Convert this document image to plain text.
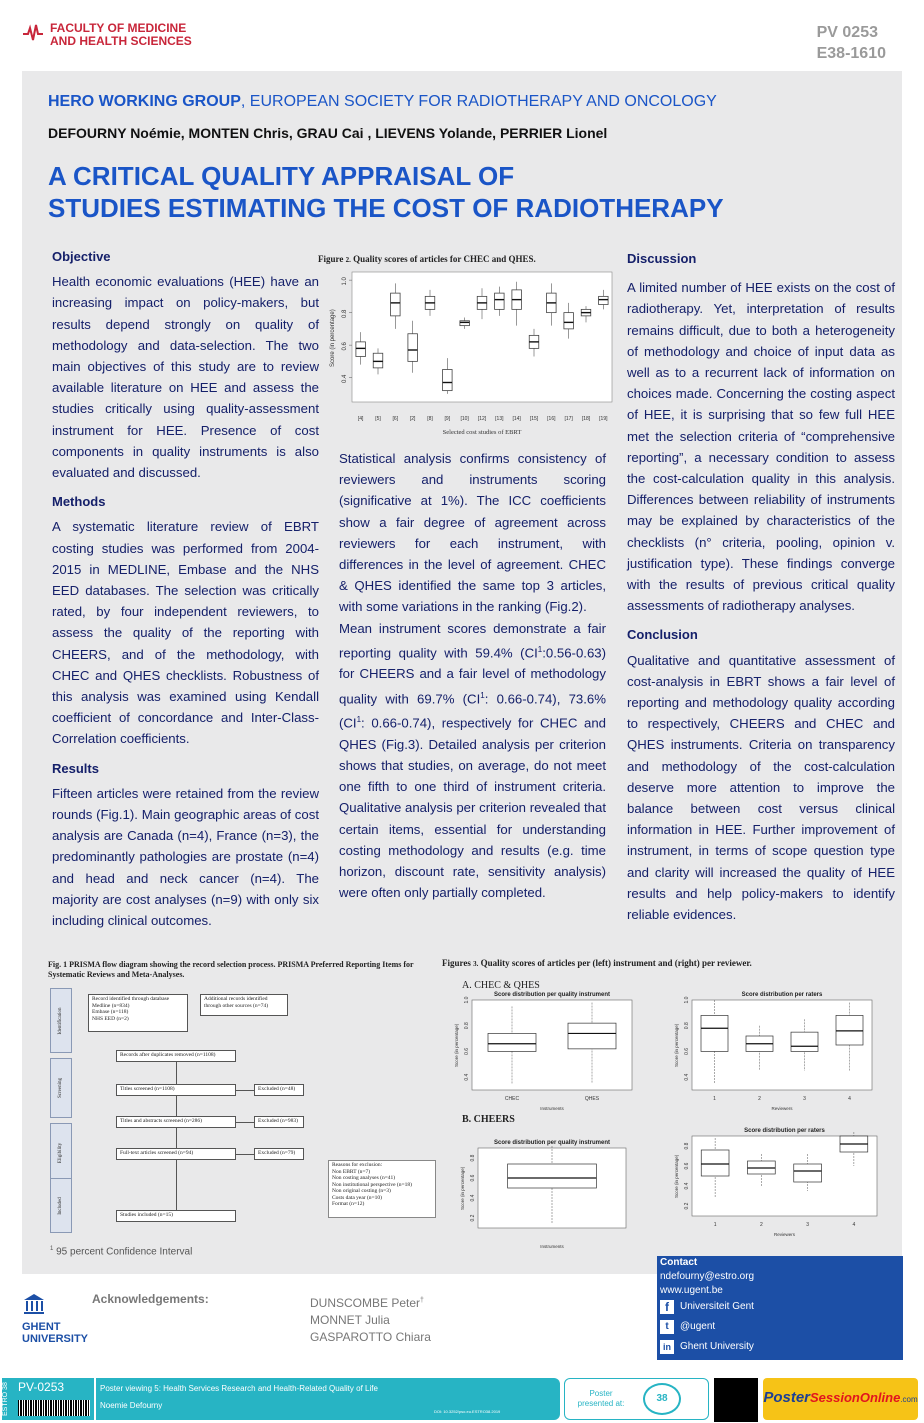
FACULTY OF MEDICINE
AND HEALTH SCIENCES	PV 0253
E38-1610
HERO WORKING GROUP, EUROPEAN SOCIETY FOR RADIOTHERAPY AND ONCOLOGY
DEFOURNY Noémie, MONTEN Chris, GRAU Cai , LIEVENS Yolande, PERRIER Lionel
A CRITICAL QUALITY APPRAISAL OF
STUDIES ESTIMATING THE COST OF RADIOTHERAPY
Objective

Health economic evaluations (HEE) have an increasing impact on policy-makers, but results depend strongly on quality of methodology and data-selection. The two main objectives of this study are to review available literature on HEE and assess the studies critically using quality-assessment instrument for HEE. Presence of cost components in quality instruments is also evaluated and discussed.

Methods

A systematic literature review of EBRT costing studies was performed from 2004-2015 in MEDLINE, Embase and the NHS EED databases. The selection was critically rated, by four independent reviewers, to assess the quality of the reporting with CHEERS, and of the methodology, with CHEC and QHES checklists. Robustness of this analysis was examined using Kendall coefficient of concordance and Inter-Class-Correlation coefficients.

Results

Fifteen articles were retained from the review rounds (Fig.1). Main geographic areas of cost analysis are Canada (n=4), France (n=3), the predominantly pathologies are prostate (n=4) and head and neck cancer (n=4). The majority are cost analyses (n=9) with only six including clinical outcomes.

Figure 2. Quality scores of articles for CHEC and QHES.
0.4
0.6
0.8
1.0
Score (in percentage)
[4] [5] [6] [2] [8] [9] [10] [12] [13] [14] [15] [16] [17] [18] [19]
Selected cost studies of EBRT

Statistical analysis confirms consistency of reviewers and instruments scoring (significative at 1%). The ICC coefficients show a fair degree of agreement across reviewers for each instrument, with differences in the level of agreement. CHEC & QHES identified the same top 3 articles, with some variations in the ranking (Fig.2).

Mean instrument scores demonstrate a fair reporting quality with 59.4% $(CI^1:0.56-0.63)$ for CHEERS and a fair level of methodology quality with 69.7% ($CI^1$: 0.66-0.74), 73.6% ($CI^1$: 0.66-0.74), respectively for CHEC and QHES (Fig.3). Detailed analysis per criterion shows that studies, on average, do not meet one fifth to one third of instrument criteria. Qualitative analysis per criterion revealed that certain items, essential for understanding costing methodology and results (e.g. time horizon, discount rate, sensitivity analysis) were often only partially completed.

Discussion

A limited number of HEE exists on the cost of radiotherapy. Yet, interpretation of results remains difficult, due to both a heterogeneity of methodology and choice of input data as well as to a recurrent lack of information on choices made. Concerning the costing aspect of HEE, it is surprising that so few full HEE met the selection criteria of “comprehensive reporting”, a necessary condition to assess the cost-calculation quality in this analysis. Differences between reliability of instruments may be explained by characteristics of the checklists (n° criteria, pooling, opinion v. justification type). These findings converge with the results of previous critical quality assessments of radiotherapy analyses.

Conclusion

Qualitative and quantitative assessment of cost-analysis in EBRT shows a fair level of reporting and methodology quality according to respectively, CHEERS and CHEC and QHES instruments. Criteria on transparency and methodology of the cost-calculation deserve more attention to improve the balance between cost versus clinical information in HEE. Further improvement of instrument, in terms of scope question type and clarity will increased the quality of HEE results and help policy-makers to identify reliable evidences.

Fig. 1 PRISMA flow diagram showing the record selection process. PRISMA Preferred Reporting Items for Systematic Reviews and Meta-Analyses.
Identification
Screening
Eligibility
Included
Record identified through database
Medline (n=834)
Embase (n=118)
NHS EED (n=2)
Additional records identified
through other sources (n=74)
Records after duplicates removed (n=1108)
Titles screened (n=1108)	Excluded (n=48)
Titles and abstracts screened (n=286)	Excluded (n=983)
Full-text articles screened (n=94)	Excluded (n=79)
Studies included (n=15)
Reasons for exclusion:
Non EBRT (n=7)
Non costing analyses (n=41)
Non institutional perspective (n=18)
Non original costing (n=3)
Costs data year (n=10)
Format (n=12)
Figures 3. Quality scores of articles per (left) instrument and (right) per reviewer.
A. CHEC & QHES
B. CHEERS
Score distribution per quality instrument
0.4
0.6
0.8
1.0
Score (in percentage)
CHEC	QHES
Instruments
Score distribution per raters
0.4
0.6
0.8
1.0
Score (in percentage)
1	2	3	4
Reviewers
Score distribution per quality instrument
0.2
0.4
0.6
0.8
Score (in percentage)
Instruments
Score distribution per raters
0.2
0.4
0.6
0.8
Score (in percentage)
1	2	3	4
Reviewers
$^1$ 95 percent Confidence Interval
GHENT
UNIVERSITY
Acknowledgements:	DUNSCOMBE Peter†
MONNET Julia
GASPAROTTO Chiara
Contact
ndefourny@estro.org
www.ugent.be
f	Universiteit Gent
t	@ugent
in Ghent University
ESTRO 38 PV-0253	Poster viewing 5: Health Services Research and Health-Related Quality of Life
Noemie Defourny
DOI: 10.3252/pso.eu.ESTRO38.2019
Poster
presented at:	38	PosterSessionOnline.com
